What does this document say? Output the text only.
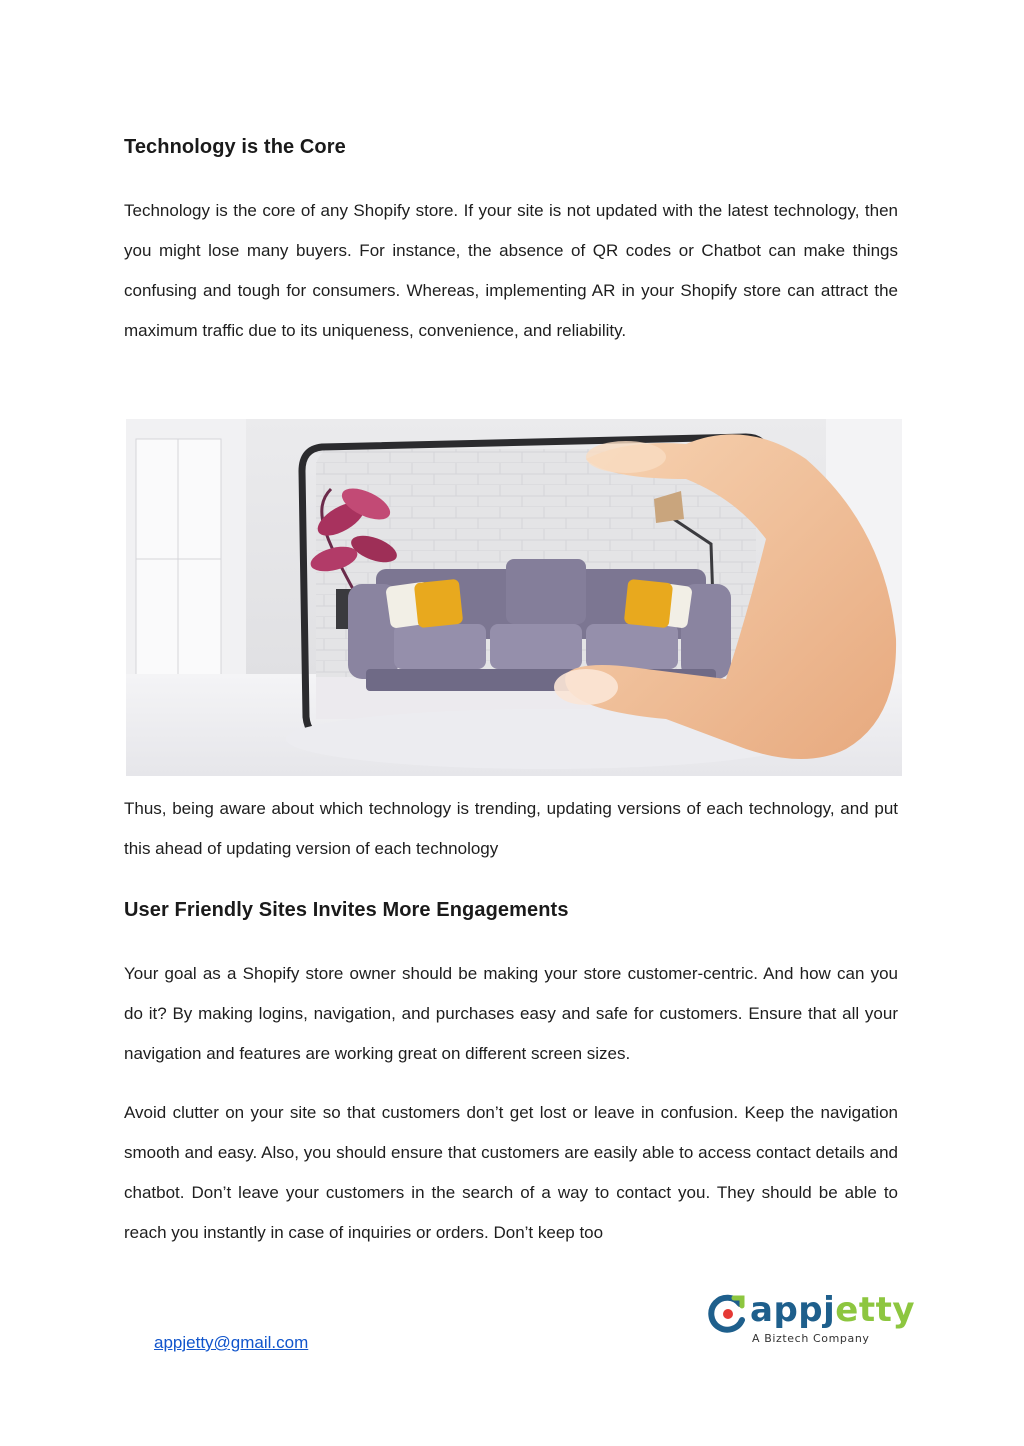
Technology is the Core

Technology is the core of any Shopify store. If your site is not updated with the latest technology, then you might lose many buyers. For instance, the absence of QR codes or Chatbot can make things confusing and tough for consumers. Whereas, implementing AR in your Shopify store can attract the maximum traffic due to its uniqueness, convenience, and reliability.

Thus, being aware about which technology is trending, updating versions of each technology, and put this ahead of updating version of each technology

User Friendly Sites Invites More Engagements

Your goal as a Shopify store owner should be making your store customer-centric. And how can you do it? By making logins, navigation, and purchases easy and safe for customers. Ensure that all your navigation and features are working great on different screen sizes.

Avoid clutter on your site so that customers don’t get lost or leave in confusion. Keep the navigation smooth and easy. Also, you should ensure that customers are easily able to access contact details and chatbot. Don’t leave your customers in the search of a way to contact you. They should be able to reach you instantly in case of inquiries or orders. Don’t keep too

appjetty
A Biztech Company
appjetty@gmail.com
